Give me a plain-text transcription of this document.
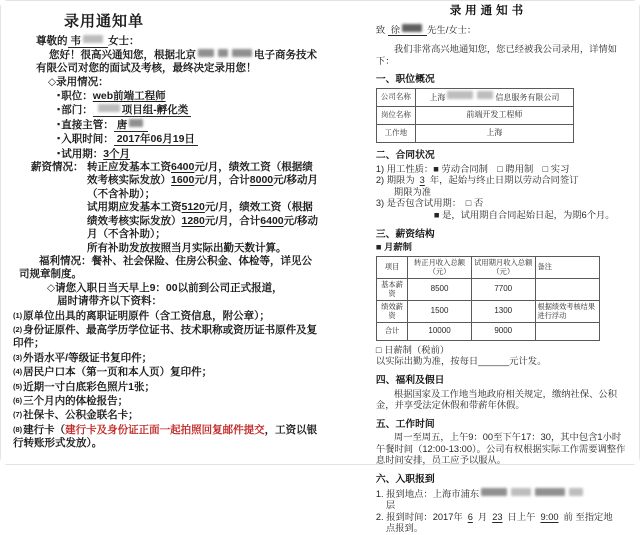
录用通知单
尊敬的 韦	女士：
您好！很高兴通知您，根据北京	电子商务技术有限公司对您的面试及考核，最终决定录用您！
◇录用情况：
▪职位：web前端工程师
▪部门：	项目组-孵化类
▪直接主管： 唐
▪入职时间： 2017年06月19日
▪试用期：3个月
薪资情况： 转正应发基本工资6400元/月，绩效工资（根据绩效考核实际发放）1600元/月，合计8000元/移动月（不含补助）；
试用期应发基本工资5120元/月，绩效工资（根据绩效考核实际发放）1280元/月，合计6400元/移动月（不含补助）；
所有补助发放按照当月实际出勤天数计算。
福利情况：餐补、社会保险、住房公积金、体检等，详见公司规章制度。
◇请您入职日当天早上9：00以前到公司正式报道，
届时请带齐以下资料：
(1)原单位出具的离职证明原件（含工资信息，附公章）；
(2)身份证原件、最高学历学位证书、技术职称或资历证书原件及复印件；
(3)外语水平/等级证书复印件；
(4)居民户口本（第一页和本人页）复印件；
(5)近期一寸白底彩色照片1张；
(6)三个月内的体检报告；
(7)社保卡、公积金联名卡；
(8)建行卡（建行卡及身份证正面一起拍照回复邮件提交，工资以银行转账形式发放）。
录用通知书
致 徐	先生/女士：
我们非常高兴地通知您，您已经被我公司录用，详情如下：
一、职位概况
公司名称	上海 信息服务有限公司
岗位名称	前端开发工程师
工作地	上海
二、合同状况
1) 用工性质：■ 劳动合同制　□ 聘用制　□ 实习
2) 期限为 3 年，起始与终止日期以劳动合同签订
期限为准
3) 是否包含试用期：　□ 否
■ 是，试用期自合同起始日起，为期6个月。
三、薪资结构
■ 月薪制
项目	转正月收入总额（元）	试用期月收入总额（元）	备注
基本薪资	8500	7700	
绩效薪资	1500	1300	根据绩效考核结果进行浮动
合计	10000	9000	
□ 日薪制（税前）
以实际出勤为准，按每日______元计发。
四、福利及假日
根据国家及工作地当地政府相关规定，缴纳社保、公积金，并享受法定休假和带薪年休假。
五、工作时间
周一至周五，上午9：00至下午17：30，其中包含1小时午餐时间（12:00-13:00）。公司有权根据实际工作需要调整作息时间安排，员工应予以服从。
六、入职报到
1. 报到地点：上海市浦东
层
2. 报到时间：2017年 6 月 23 日上午 9:00 前 至指定地
点报到。
